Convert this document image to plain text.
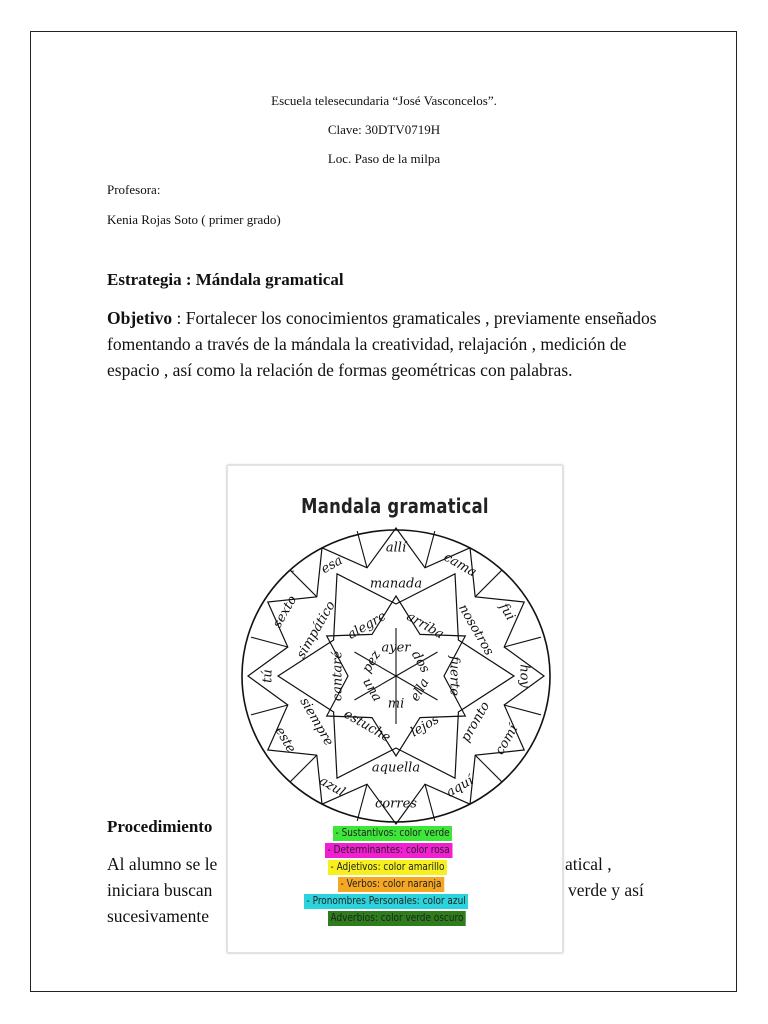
Escuela telesecundaria “José Vasconcelos”.
Clave: 30DTV0719H
Loc. Paso de la milpa
Profesora:
Kenia Rojas Soto ( primer grado)
Estrategia : Mándala gramatical
Objetivo : Fortalecer los conocimientos gramaticales , previamente enseñados fomentando a través de la mándala la creatividad, relajación , medición de espacio , así como la relación de formas geométricas con palabras.
Procedimiento
Al alumno se le	atical ,
iniciara buscan	verde y así
sucesivamente
Mandala gramatical
ayer
dos
ella
mi
una
pez
arriba
fuerte
lejos
estuche
cantaré
alegre
manada
nosotros
pronto
aquella
siempre
simpático
allí
cama
fui
hoy
comí
aquí
corres
azul
este
tú
sexto
esa
- Sustantivos: color verde
- Determinantes: color rosa
- Adjetivos: color amarillo
- Verbos: color naranja
- Pronombres Personales: color azul
Adverbios: color verde oscuro
-
